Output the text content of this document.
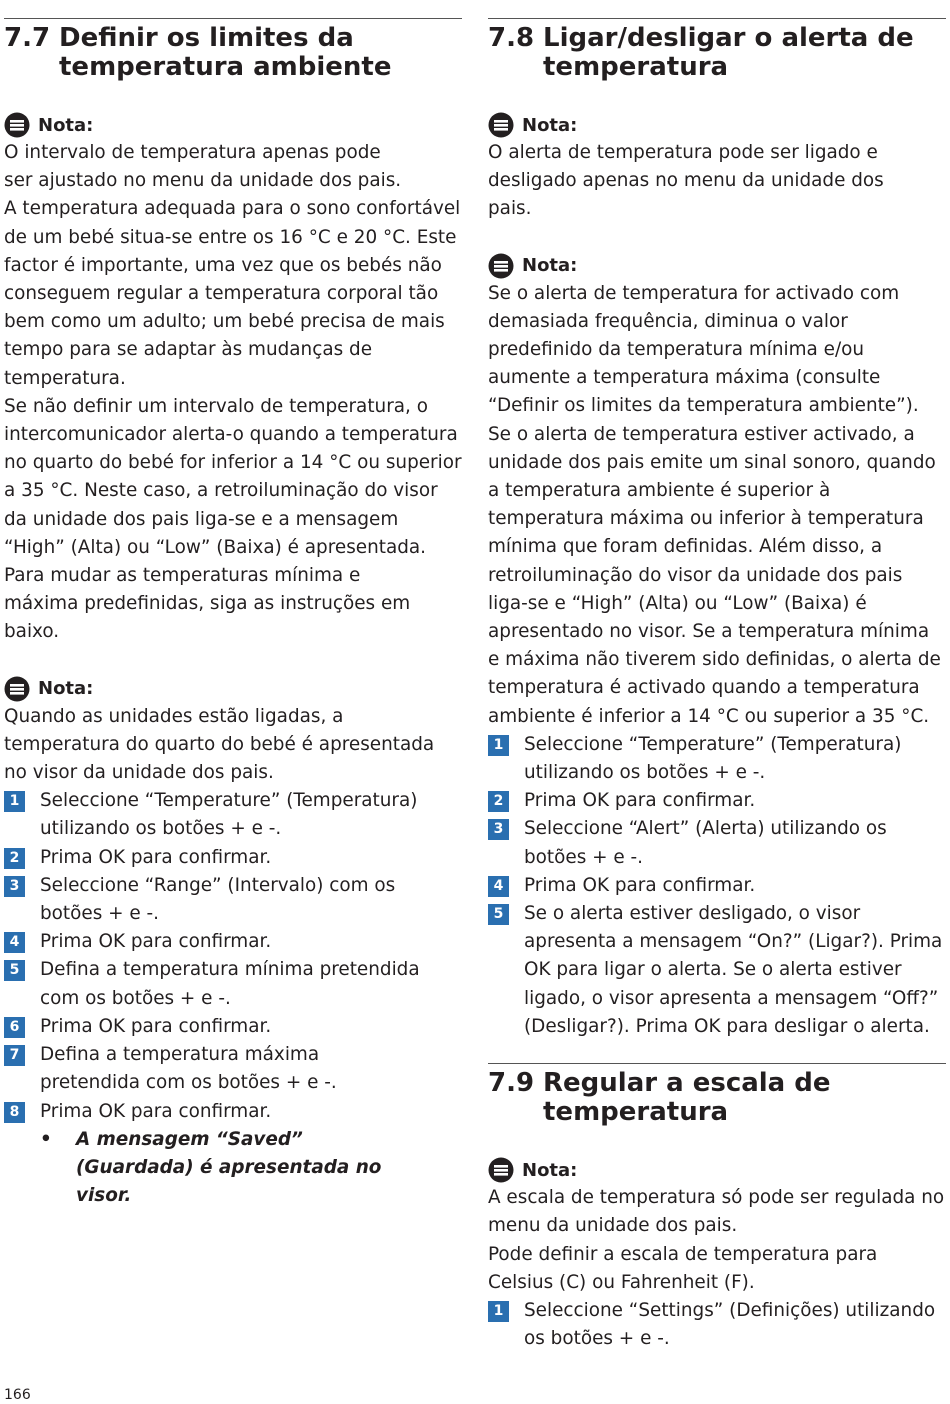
7.7 Definir os limites da temperatura ambiente
Nota:

O intervalo de temperatura apenas pode ser ajustado no menu da unidade dos pais.

A temperatura adequada para o sono confortável de um bebé situa-se entre os 16 °C e 20 °C. Este factor é importante, uma vez que os bebés não conseguem regular a temperatura corporal tão bem como um adulto; um bebé precisa de mais tempo para se adaptar às mudanças de temperatura.

Se não definir um intervalo de temperatura, o intercomunicador alerta-o quando a temperatura no quarto do bebé for inferior a 14 °C ou superior a 35 °C. Neste caso, a retroiluminação do visor da unidade dos pais liga-se e a mensagem “High” (Alta) ou “Low” (Baixa) é apresentada.

Para mudar as temperaturas mínima e máxima predefinidas, siga as instruções em baixo.

Nota:

Quando as unidades estão ligadas, a temperatura do quarto do bebé é apresentada no visor da unidade dos pais.

1	Seleccione “Temperature” (Temperatura) utilizando os botões + e -.
2	Prima OK para confirmar.
3	Seleccione “Range” (Intervalo) com os botões + e -.
4	Prima OK para confirmar.
5	Defina a temperatura mínima pretendida com os botões + e -.
6	Prima OK para confirmar.
7	Defina a temperatura máxima pretendida com os botões + e -.
8	Prima OK para confirmar.
•	A mensagem “Saved” (Guardada) é apresentada no visor.
7.8 Ligar/desligar o alerta de temperatura
Nota:

O alerta de temperatura pode ser ligado e desligado apenas no menu da unidade dos pais.

Nota:

Se o alerta de temperatura for activado com demasiada frequência, diminua o valor predefinido da temperatura mínima e/ou aumente a temperatura máxima (consulte “Definir os limites da temperatura ambiente”).

Se o alerta de temperatura estiver activado, a unidade dos pais emite um sinal sonoro, quando a temperatura ambiente é superior à temperatura máxima ou inferior à temperatura mínima que foram definidas. Além disso, a retroiluminação do visor da unidade dos pais liga-se e “High” (Alta) ou “Low” (Baixa) é apresentado no visor. Se a temperatura mínima e máxima não tiverem sido definidas, o alerta de temperatura é activado quando a temperatura ambiente é inferior a 14 °C ou superior a 35 °C.

1	Seleccione “Temperature” (Temperatura) utilizando os botões + e -.
2	Prima OK para confirmar.
3	Seleccione “Alert” (Alerta) utilizando os botões + e -.
4	Prima OK para confirmar.
5	Se o alerta estiver desligado, o visor apresenta a mensagem “On?” (Ligar?). Prima OK para ligar o alerta. Se o alerta estiver ligado, o visor apresenta a mensagem “Off?” (Desligar?). Prima OK para desligar o alerta.
7.9 Regular a escala de temperatura
Nota:

A escala de temperatura só pode ser regulada no menu da unidade dos pais.

Pode definir a escala de temperatura para Celsius (C) ou Fahrenheit (F).

1	Seleccione “Settings” (Definições) utilizando os botões + e -.
166
